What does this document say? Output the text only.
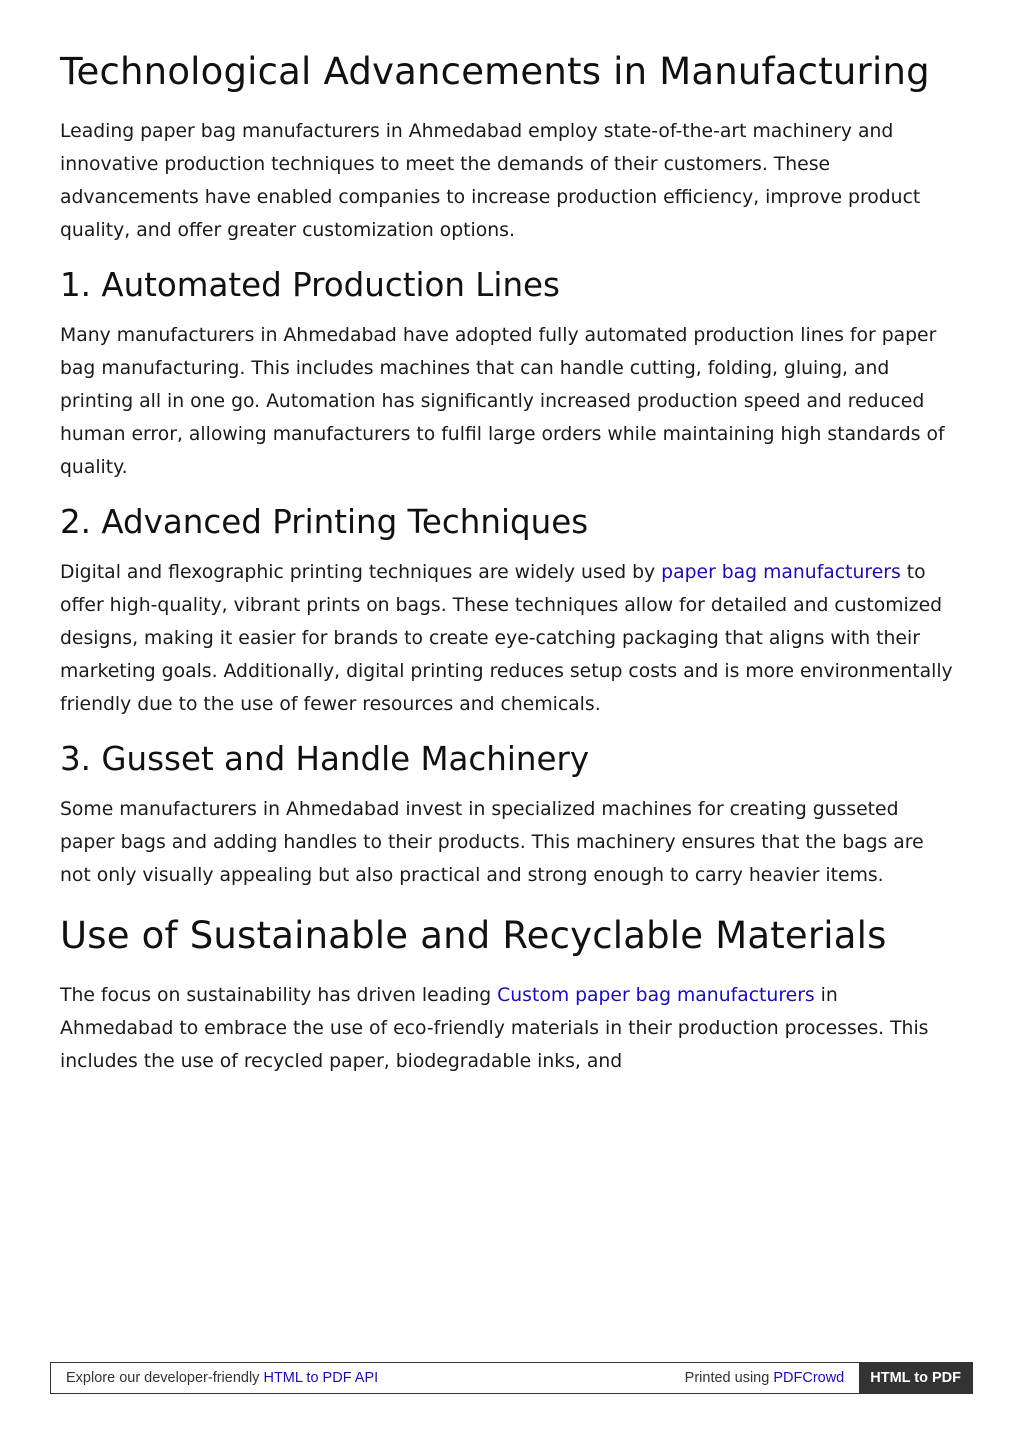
Technological Advancements in Manufacturing

Leading paper bag manufacturers in Ahmedabad employ state-of-the-art machinery and innovative production techniques to meet the demands of their customers. These advancements have enabled companies to increase production efficiency, improve product quality, and offer greater customization options.

1. Automated Production Lines

Many manufacturers in Ahmedabad have adopted fully automated production lines for paper bag manufacturing. This includes machines that can handle cutting, folding, gluing, and printing all in one go. Automation has significantly increased production speed and reduced human error, allowing manufacturers to fulfil large orders while maintaining high standards of quality.

2. Advanced Printing Techniques

Digital and flexographic printing techniques are widely used by paper bag manufacturers to offer high-quality, vibrant prints on bags. These techniques allow for detailed and customized designs, making it easier for brands to create eye-catching packaging that aligns with their marketing goals. Additionally, digital printing reduces setup costs and is more environmentally friendly due to the use of fewer resources and chemicals.

3. Gusset and Handle Machinery

Some manufacturers in Ahmedabad invest in specialized machines for creating gusseted paper bags and adding handles to their products. This machinery ensures that the bags are not only visually appealing but also practical and strong enough to carry heavier items.

Use of Sustainable and Recyclable Materials

The focus on sustainability has driven leading Custom paper bag manufacturers in Ahmedabad to embrace the use of eco-friendly materials in their production processes. This includes the use of recycled paper, biodegradable inks, and

Explore our developer-friendly HTML to PDF API	Printed using PDFCrowd	HTML to PDF
